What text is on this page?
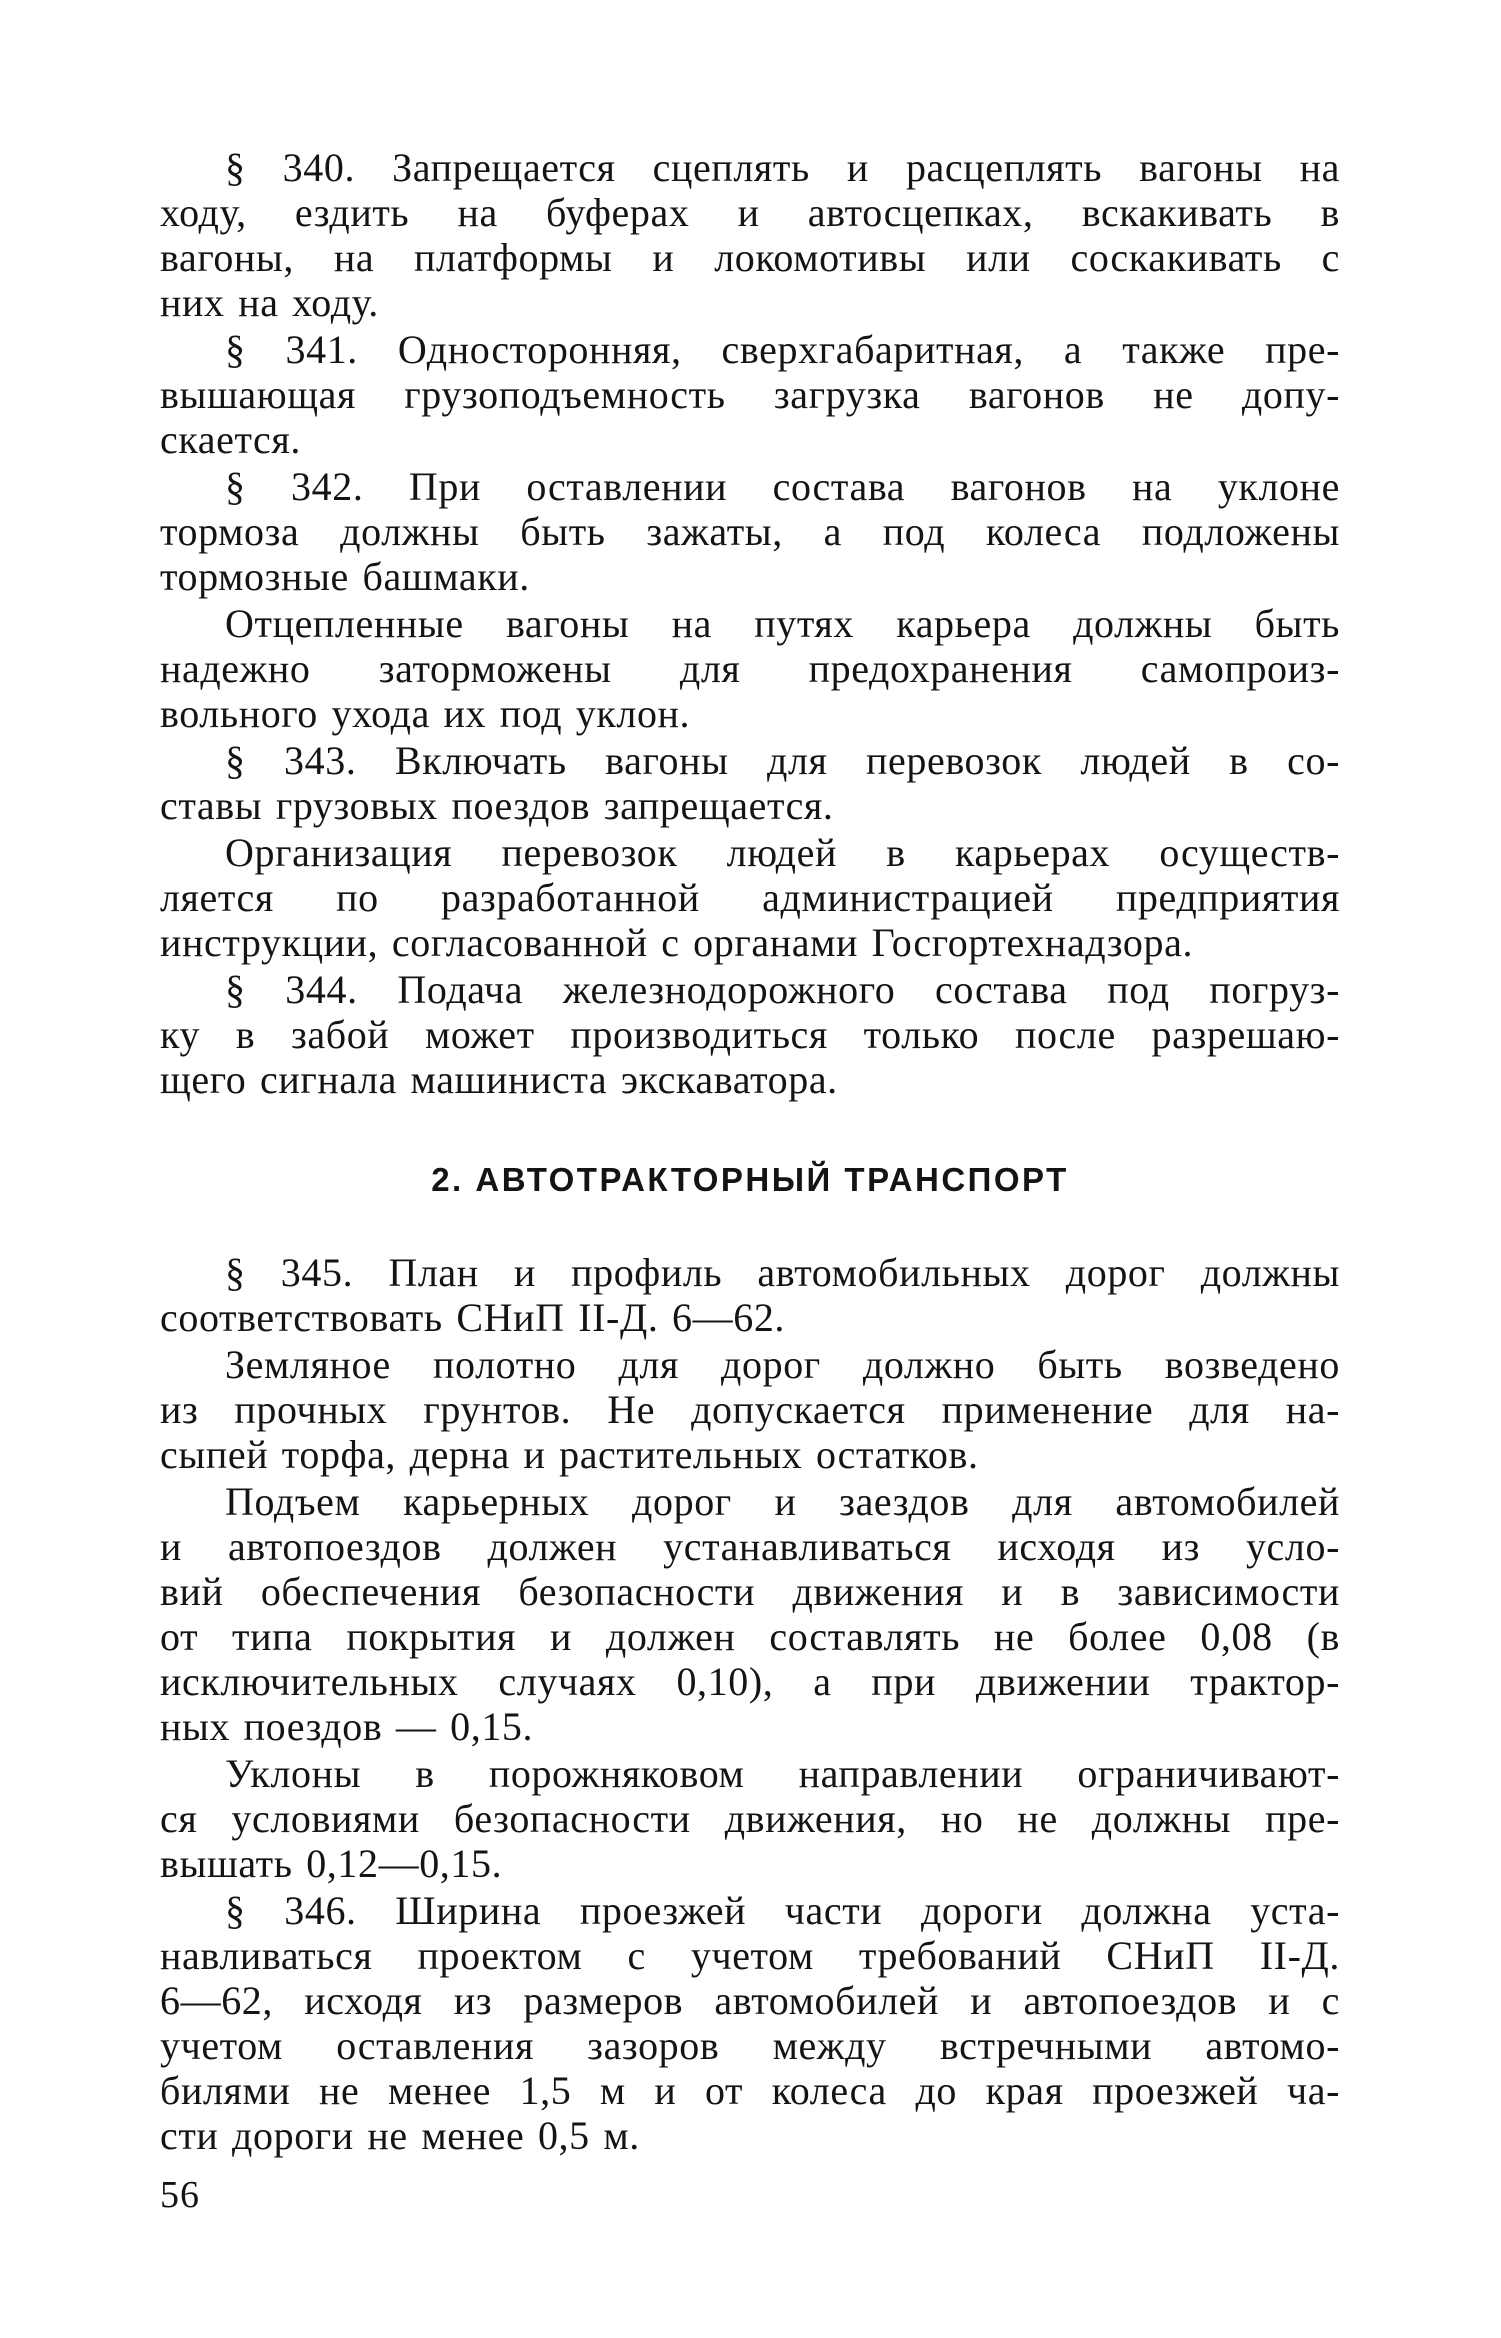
§ 340. Запрещается сцеплять и расцеплять вагоны на
ходу, ездить на буферах и автосцепках, вскакивать в
вагоны, на платформы и локомотивы или соскакивать с
них на ходу.
§ 341. Односторонняя, сверхгабаритная, а также пре-
вышающая грузоподъемность загрузка вагонов не допу-
скается.
§ 342. При оставлении состава вагонов на уклоне
тормоза должны быть зажаты, а под колеса подложены
тормозные башмаки.
Отцепленные вагоны на путях карьера должны быть
надежно заторможены для предохранения самопроиз-
вольного ухода их под уклон.
§ 343. Включать вагоны для перевозок людей в со-
ставы грузовых поездов запрещается.
Организация перевозок людей в карьерах осуществ-
ляется по разработанной администрацией предприятия
инструкции, согласованной с органами Госгортехнадзора.
§ 344. Подача железнодорожного состава под погруз-
ку в забой может производиться только после разрешаю-
щего сигнала машиниста экскаватора.
2. АВТОТРАКТОРНЫЙ ТРАНСПОРТ
§ 345. План и профиль автомобильных дорог должны
соответствовать СНиП II-Д. 6—62.
Земляное полотно для дорог должно быть возведено
из прочных грунтов. Не допускается применение для на-
сыпей торфа, дерна и растительных остатков.
Подъем карьерных дорог и заездов для автомобилей
и автопоездов должен устанавливаться исходя из усло-
вий обеспечения безопасности движения и в зависимости
от типа покрытия и должен составлять не более 0,08 (в
исключительных случаях 0,10), а при движении трактор-
ных поездов — 0,15.
Уклоны в порожняковом направлении ограничивают-
ся условиями безопасности движения, но не должны пре-
вышать 0,12—0,15.
§ 346. Ширина проезжей части дороги должна уста-
навливаться проектом с учетом требований СНиП II-Д.
6—62, исходя из размеров автомобилей и автопоездов и с
учетом оставления зазоров между встречными автомо-
билями не менее 1,5 м и от колеса до края проезжей ча-
сти дороги не менее 0,5 м.
56
